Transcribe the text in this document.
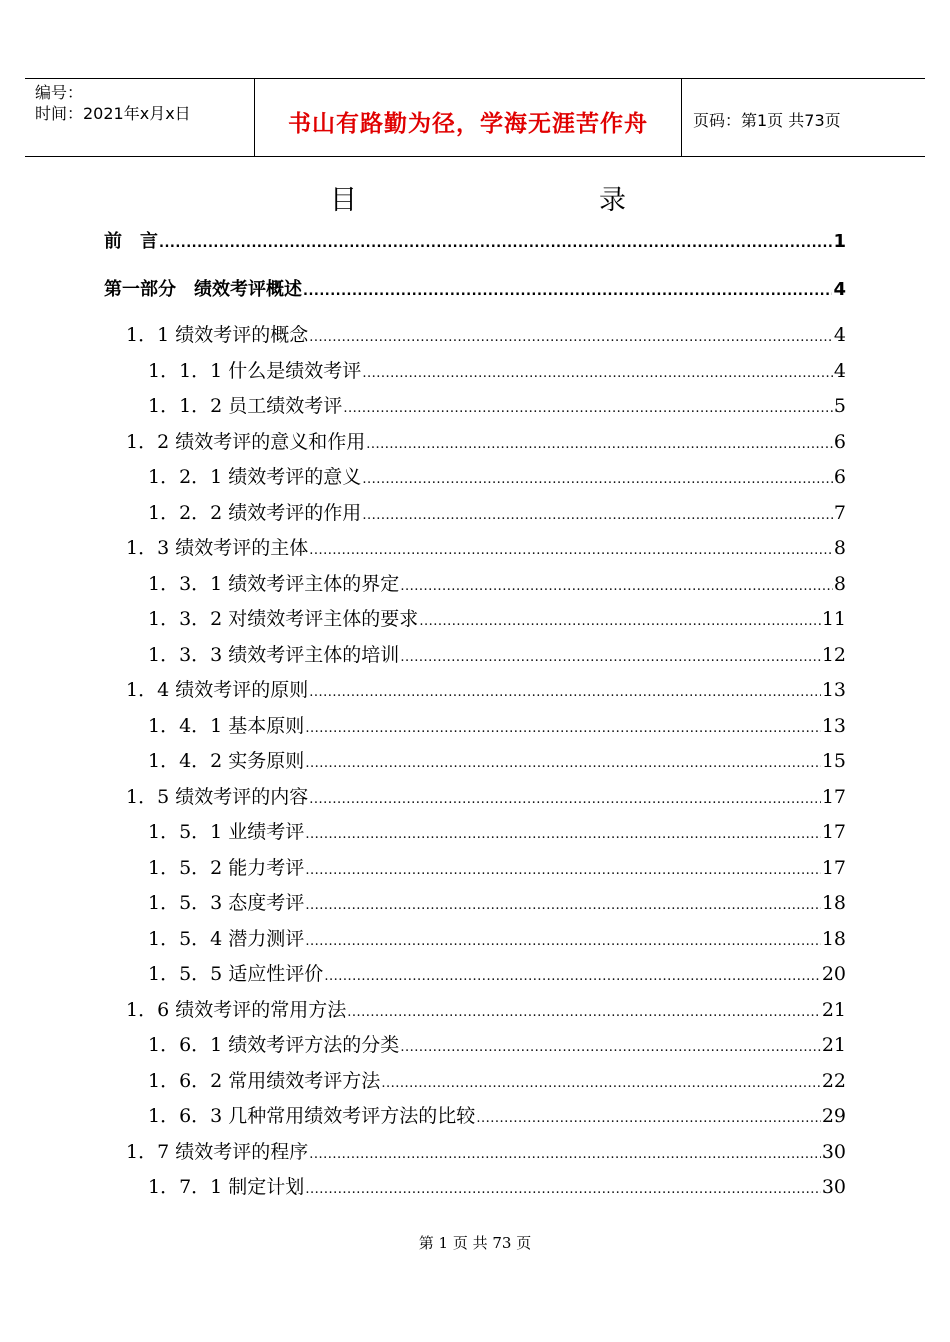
编号：
时间：2021年x月x日	书山有路勤为径，学海无涯苦作舟	页码：第1页 共73页
目	录
前　言 .....	1
第一部分　绩效考评概述 .....	4
1．1 绩效考评的概念 .....	4
1．1．1 什么是绩效考评 .....	4
1．1．2 员工绩效考评 .....	5
1．2 绩效考评的意义和作用 .....	6
1．2．1 绩效考评的意义 .....	6
1．2．2 绩效考评的作用 .....	7
1．3 绩效考评的主体 .....	8
1．3．1 绩效考评主体的界定 .....	8
1．3．2 对绩效考评主体的要求 .....	11
1．3．3 绩效考评主体的培训 .....	12
1．4 绩效考评的原则 .....	13
1．4．1 基本原则 .....	13
1．4．2 实务原则 .....	15
1．5 绩效考评的内容 .....	17
1．5．1 业绩考评 .....	17
1．5．2 能力考评 .....	17
1．5．3 态度考评 .....	18
1．5．4 潜力测评 .....	18
1．5．5 适应性评价 .....	20
1．6 绩效考评的常用方法 .....	21
1．6．1 绩效考评方法的分类 .....	21
1．6．2 常用绩效考评方法 .....	22
1．6．3 几种常用绩效考评方法的比较 .....	29
1．7 绩效考评的程序 .....	30
1．7．1 制定计划 .....	30
第 1 页 共 73 页
